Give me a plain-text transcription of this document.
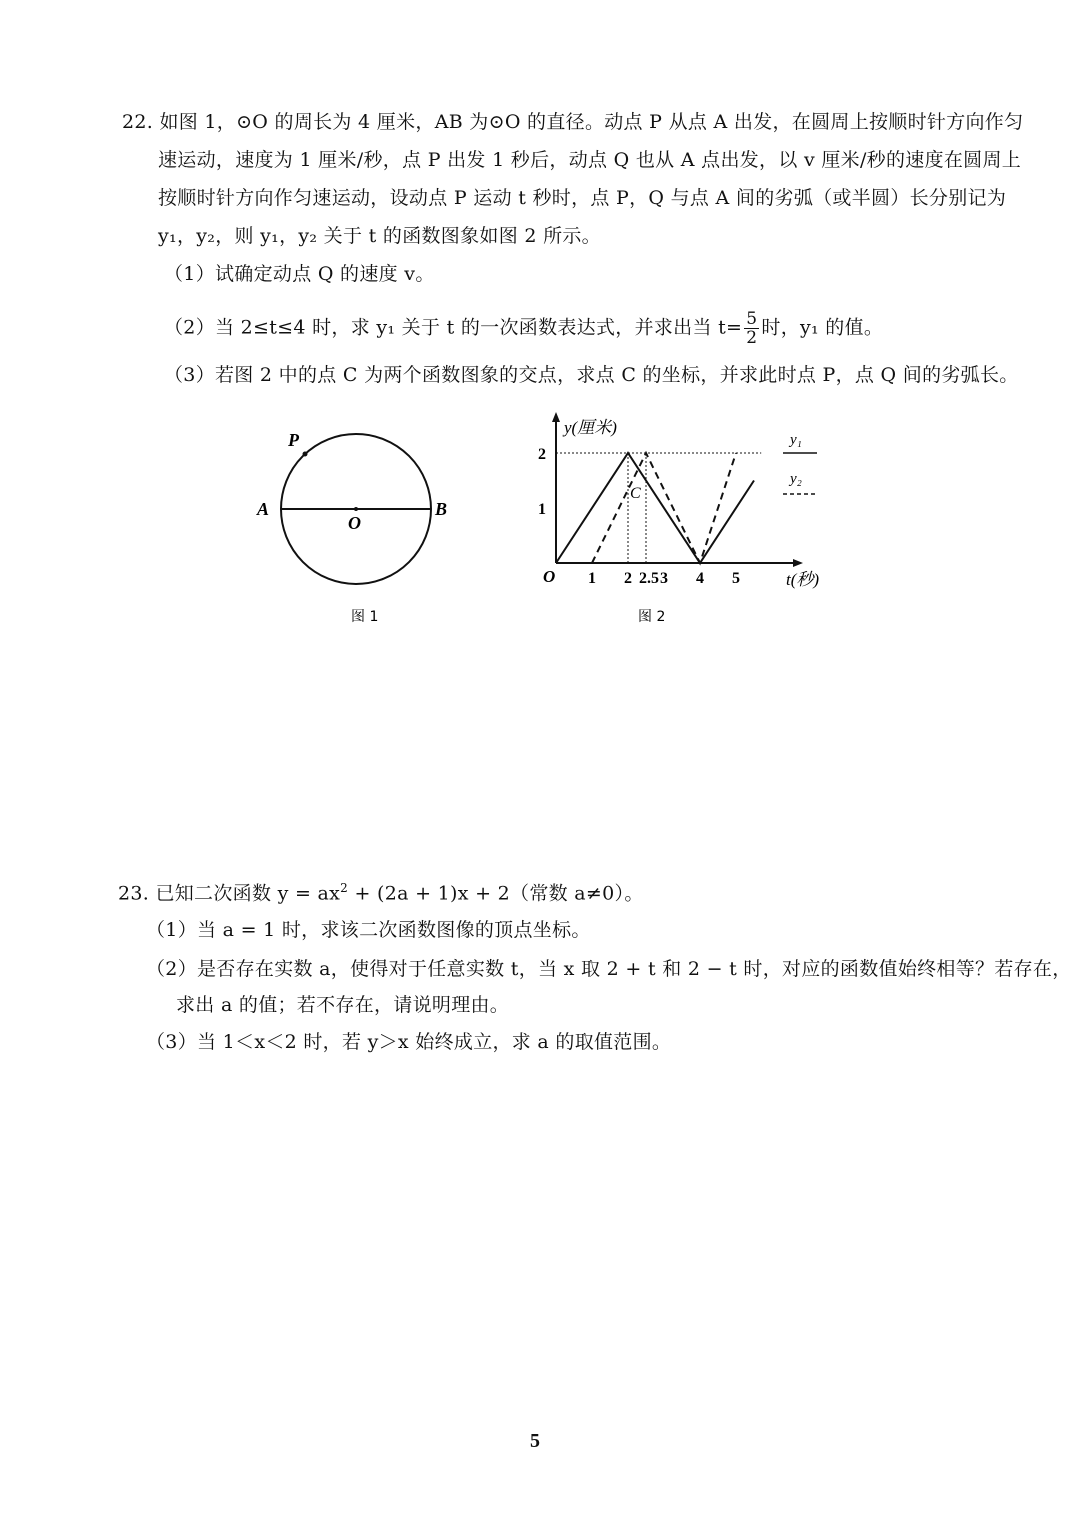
22. 如图 1，⊙O 的周长为 4 厘米，AB 为⊙O 的直径。动点 P 从点 A 出发，在圆周上按顺时针方向作匀
速运动，速度为 1 厘米/秒，点 P 出发 1 秒后，动点 Q 也从 A 点出发，以 v 厘米/秒的速度在圆周上
按顺时针方向作匀速运动，设动点 P 运动 t 秒时，点 P，Q 与点 A 间的劣弧（或半圆）长分别记为
y₁，y₂，则 y₁，y₂ 关于 t 的函数图象如图 2 所示。
（1）试确定动点 Q 的速度 v。
（2）当 2≤t≤4 时，求 y₁ 关于 t 的一次函数表达式，并求出当 $t= \frac{5}{2}$ 时，y₁ 的值。
（3）若图 2 中的点 C 为两个函数图象的交点，求点 C 的坐标，并求此时点 P，点 Q 间的劣弧长。
P
A	B
O
图 1
y(厘米)
t(秒)
O 1 2 2.5 3 4 5
1
2
C
y₁
y₂
图 2
23. 已知二次函数 $y = ax^2 + (2a + 1)x + 2$（常数 a≠0）。
（1）当 a = 1 时，求该二次函数图像的顶点坐标。
（2）是否存在实数 a，使得对于任意实数 t，当 x 取 2 + t 和 2 − t 时，对应的函数值始终相等？若存在，
求出 a 的值；若不存在，请说明理由。
（3）当 1＜x＜2 时，若 y＞x 始终成立，求 a 的取值范围。
5
